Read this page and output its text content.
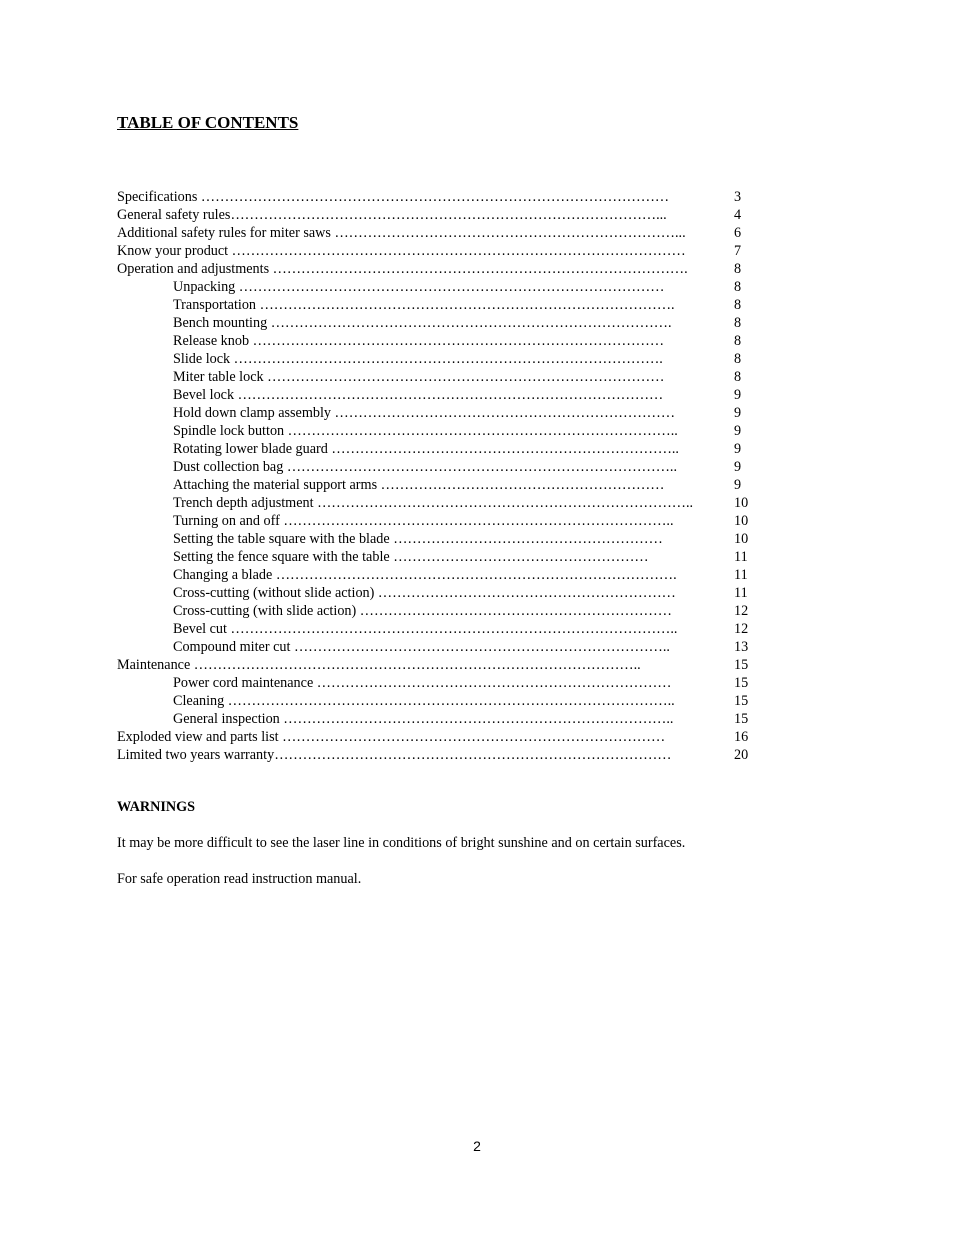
TABLE OF CONTENTS
Specifications ………………………………………………………………………………………	3
General safety rules………………………………………………………………………………...	4
Additional safety rules for miter saws ………………………………………………………………...	6
Know your product ……………………………………………………………………………………	7
Operation and adjustments …………………………………………………………………………….	8
Unpacking ………………………………………………………………………………	8
Transportation …………………………………………………………………………….	8
Bench mounting ………………………………………………………………………….	8
Release knob ……………………………………………………………………………	8
Slide lock ……………………………………………………………………………….	8
Miter table lock …………………………………………………………………………	8
Bevel lock ………………………………………………………………………………	9
Hold down clamp assembly ………………………………………………………………	9
Spindle lock button ………………………………………………………………………..	9
Rotating lower blade guard ………………………………………………………………..	9
Dust collection bag ………………………………………………………………………..	9
Attaching the material support arms ……………………………………………………	9
Trench depth adjustment ……………………………………………………………………..	10
Turning on and off ………………………………………………………………………..	10
Setting the table square with the blade …………………………………………………	10
Setting the fence square with the table ………………………………………………	11
Changing a blade ………………………………………………………………………….	11
Cross-cutting (without slide action) ………………………………………………………	11
Cross-cutting (with slide action) …………………………………………………………	12
Bevel cut …………………………………………………………………………………..	12
Compound miter cut ……………………………………………………………………..	13
Maintenance …………………………………………………………………………………..	15
Power cord maintenance …………………………………………………………………	15
Cleaning …………………………………………………………………………………..	15
General inspection ………………………………………………………………………..	15
Exploded view and parts list ………………………………………………………………………	16
Limited two years warranty…………………………………………………………………………	20
WARNINGS

It may be more difficult to see the laser line in conditions of bright sunshine and on certain surfaces.

For safe operation read instruction manual.

2
